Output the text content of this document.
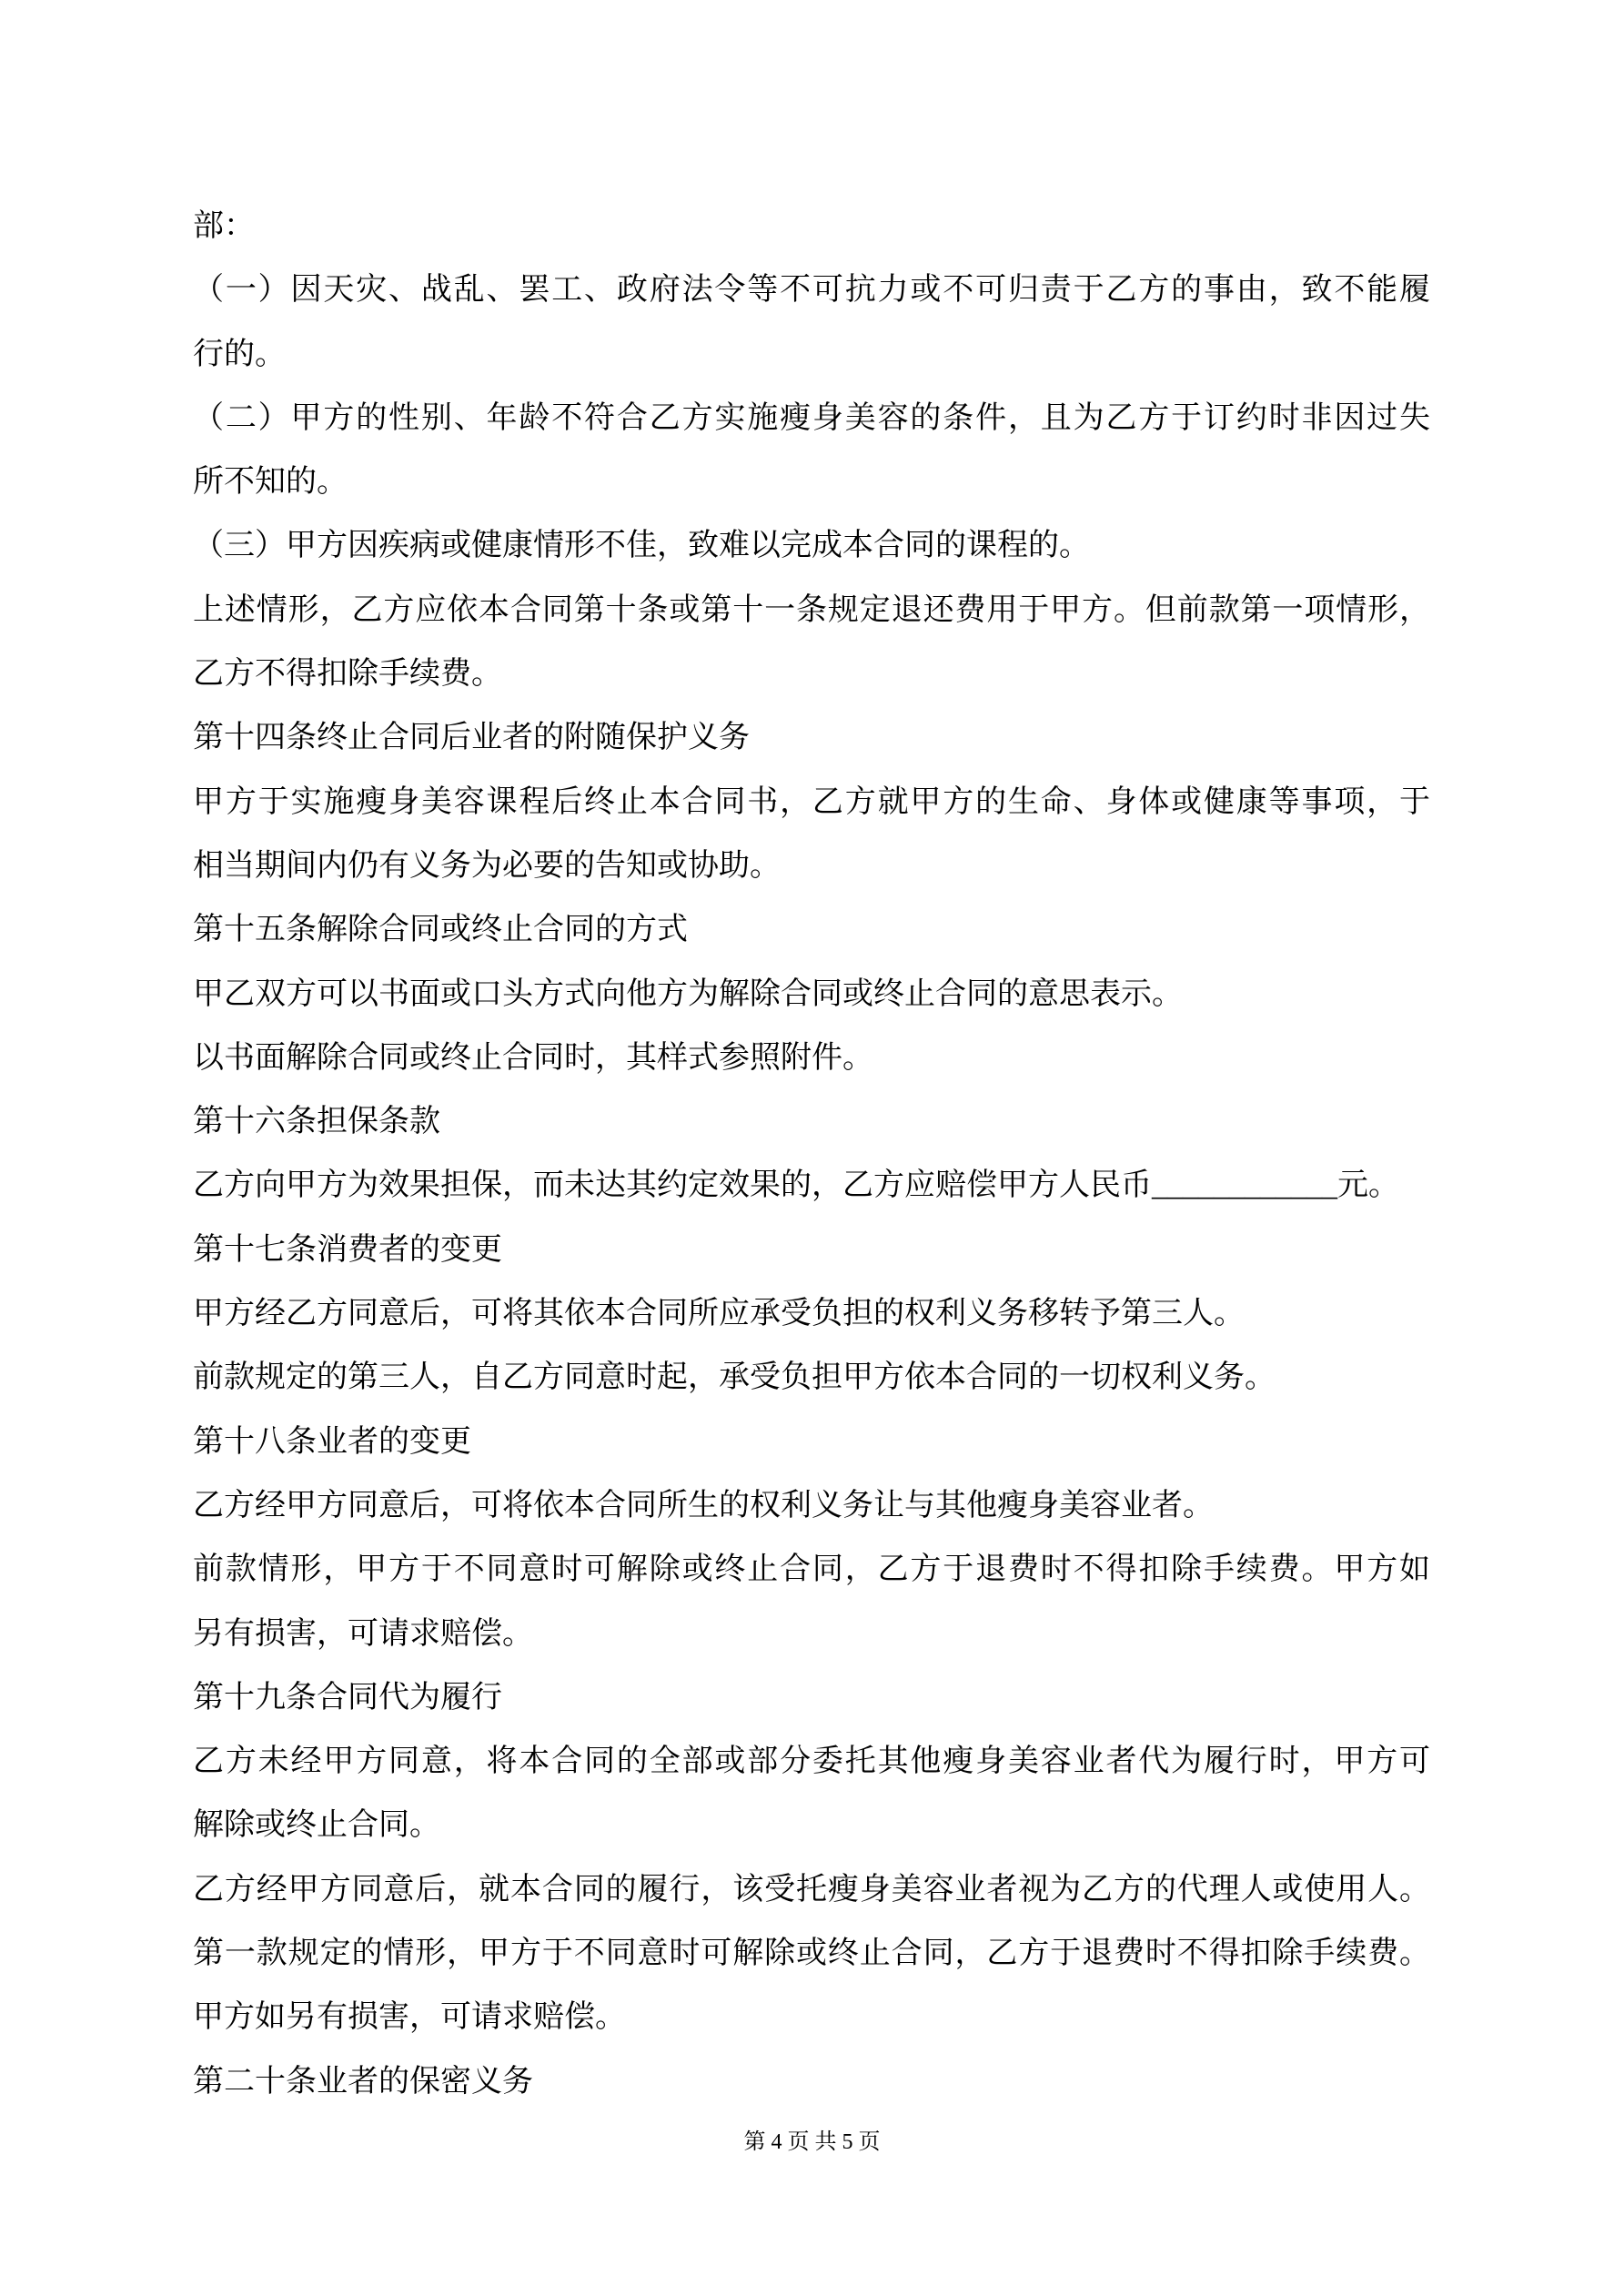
部：
（一）因天灾、战乱、罢工、政府法令等不可抗力或不可归责于乙方的事由，致不能履
行的。
（二）甲方的性别、年龄不符合乙方实施瘦身美容的条件，且为乙方于订约时非因过失
所不知的。
（三）甲方因疾病或健康情形不佳，致难以完成本合同的课程的。
上述情形，乙方应依本合同第十条或第十一条规定退还费用于甲方。但前款第一项情形，
乙方不得扣除手续费。
第十四条终止合同后业者的附随保护义务
甲方于实施瘦身美容课程后终止本合同书，乙方就甲方的生命、身体或健康等事项，于
相当期间内仍有义务为必要的告知或协助。
第十五条解除合同或终止合同的方式
甲乙双方可以书面或口头方式向他方为解除合同或终止合同的意思表示。
以书面解除合同或终止合同时，其样式参照附件。
第十六条担保条款
乙方向甲方为效果担保，而未达其约定效果的，乙方应赔偿甲方人民币____________元。
第十七条消费者的变更
甲方经乙方同意后，可将其依本合同所应承受负担的权利义务移转予第三人。
前款规定的第三人，自乙方同意时起，承受负担甲方依本合同的一切权利义务。
第十八条业者的变更
乙方经甲方同意后，可将依本合同所生的权利义务让与其他瘦身美容业者。
前款情形，甲方于不同意时可解除或终止合同，乙方于退费时不得扣除手续费。甲方如
另有损害，可请求赔偿。
第十九条合同代为履行
乙方未经甲方同意，将本合同的全部或部分委托其他瘦身美容业者代为履行时，甲方可
解除或终止合同。
乙方经甲方同意后，就本合同的履行，该受托瘦身美容业者视为乙方的代理人或使用人。
第一款规定的情形，甲方于不同意时可解除或终止合同，乙方于退费时不得扣除手续费。
甲方如另有损害，可请求赔偿。
第二十条业者的保密义务
第 4 页 共 5 页
